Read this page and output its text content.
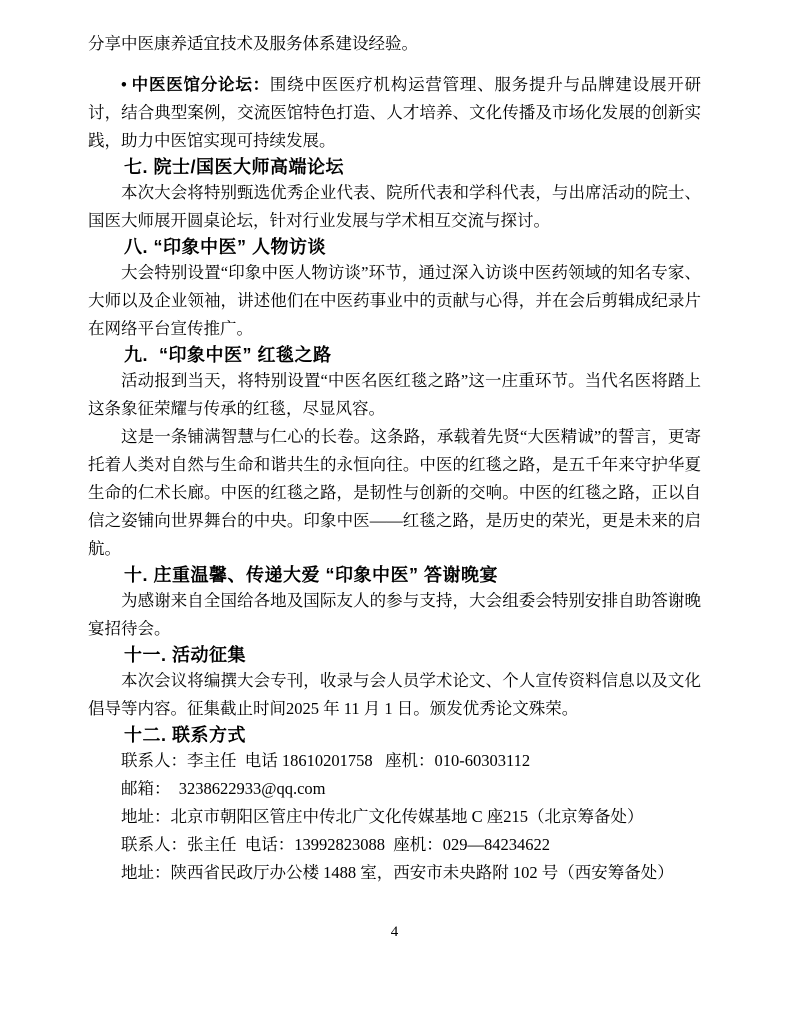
分享中医康养适宜技术及服务体系建设经验。

• 中医医馆分论坛：围绕中医医疗机构运营管理、服务提升与品牌建设展开研讨，结合典型案例，交流医馆特色打造、人才培养、文化传播及市场化发展的创新实践，助力中医馆实现可持续发展。

七. 院士/国医大师高端论坛

本次大会将特别甄选优秀企业代表、院所代表和学科代表，与出席活动的院士、国医大师展开圆桌论坛，针对行业发展与学术相互交流与探讨。

八. “印象中医” 人物访谈

大会特别设置“印象中医人物访谈”环节，通过深入访谈中医药领域的知名专家、大师以及企业领袖，讲述他们在中医药事业中的贡献与心得，并在会后剪辑成纪录片在网络平台宣传推广。

九.  “印象中医” 红毯之路

活动报到当天，将特别设置“中医名医红毯之路”这一庄重环节。当代名医将踏上这条象征荣耀与传承的红毯，尽显风容。

这是一条铺满智慧与仁心的长卷。这条路，承载着先贤“大医精诚”的誓言，更寄托着人类对自然与生命和谐共生的永恒向往。中医的红毯之路，是五千年来守护华夏生命的仁术长廊。中医的红毯之路，是韧性与创新的交响。中医的红毯之路，正以自信之姿铺向世界舞台的中央。印象中医——红毯之路，是历史的荣光，更是未来的启航。

十. 庄重温馨、传递大爱 “印象中医” 答谢晚宴

为感谢来自全国给各地及国际友人的参与支持，大会组委会特别安排自助答谢晚宴招待会。

十一. 活动征集

本次会议将编撰大会专刊，收录与会人员学术论文、个人宣传资料信息以及文化倡导等内容。征集截止时间2025 年 11 月 1 日。颁发优秀论文殊荣。

十二. 联系方式

联系人：李主任  电话 18610201758   座机：010-60303112

邮箱：  3238622933@qq.com

地址：北京市朝阳区管庄中传北广文化传媒基地 C 座215（北京筹备处）

联系人：张主任  电话：13992823088  座机：029—84234622

地址：陕西省民政厅办公楼 1488 室，西安市未央路附 102 号（西安筹备处）

4
